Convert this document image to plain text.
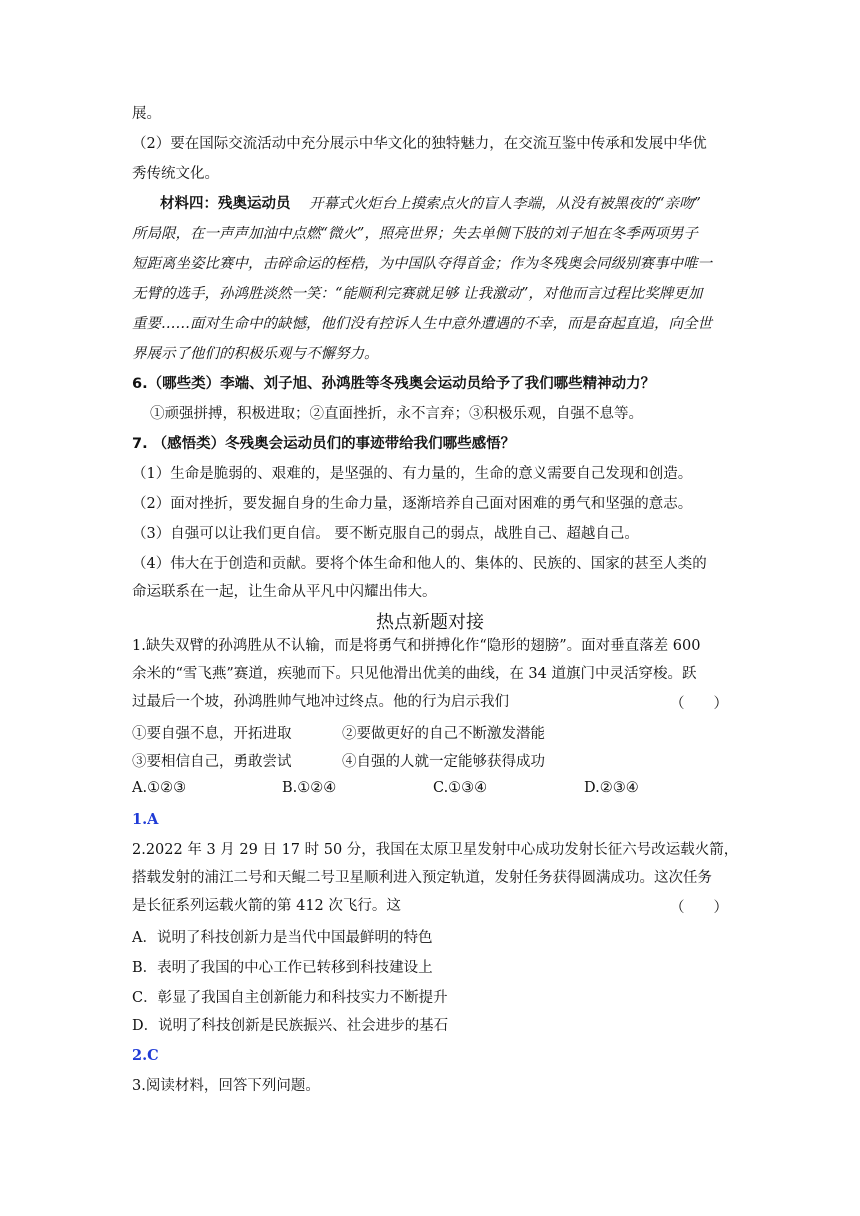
展。
（2）要在国际交流活动中充分展示中华文化的独特魅力，在交流互鉴中传承和发展中华优
秀传统文化。
材料四：残奥运动员 开幕式火炬台上摸索点火的盲人李端，从没有被黑夜的“亲吻”
所局限，在一声声加油中点燃“微火”，照亮世界；失去单侧下肢的刘子旭在冬季两项男子
短距离坐姿比赛中，击碎命运的桎梏，为中国队夺得首金；作为冬残奥会同级别赛事中唯一
无臂的选手，孙鸿胜淡然一笑：“能顺利完赛就足够 让我激动”，对他而言过程比奖牌更加
重要……面对生命中的缺憾，他们没有控诉人生中意外遭遇的不幸，而是奋起直追，向全世
界展示了他们的积极乐观与不懈努力。
6.（哪些类）李端、刘子旭、孙鸿胜等冬残奥会运动员给予了我们哪些精神动力？
①顽强拼搏，积极进取；②直面挫折，永不言弃；③积极乐观，自强不息等。
7. （感悟类）冬残奥会运动员们的事迹带给我们哪些感悟？
（1）生命是脆弱的、艰难的，是坚强的、有力量的，生命的意义需要自己发现和创造。
（2）面对挫折，要发掘自身的生命力量，逐渐培养自己面对困难的勇气和坚强的意志。
（3）自强可以让我们更自信。 要不断克服自己的弱点，战胜自己、超越自己。
（4）伟大在于创造和贡献。要将个体生命和他人的、集体的、民族的、国家的甚至人类的
命运联系在一起，让生命从平凡中闪耀出伟大。
热点新题对接
1.缺失双臂的孙鸿胜从不认输，而是将勇气和拼搏化作“隐形的翅膀”。面对垂直落差 600
余米的“雪飞燕”赛道，疾驰而下。只见他滑出优美的曲线，在 34 道旗门中灵活穿梭。跃
过最后一个坡，孙鸿胜帅气地冲过终点。他的行为启示我们	（　　）
①要自强不息，开拓进取	②要做更好的自己不断激发潜能
③要相信自己，勇敢尝试	④自强的人就一定能够获得成功
A.①②③	B.①②④	C.①③④	D.②③④
1.A
2.2022 年 3 月 29 日 17 时 50 分，我国在太原卫星发射中心成功发射长征六号改运载火箭，
搭载发射的浦江二号和天鲲二号卫星顺利进入预定轨道，发射任务获得圆满成功。这次任务
是长征系列运载火箭的第 412 次飞行。这	（　　）
A．说明了科技创新力是当代中国最鲜明的特色
B．表明了我国的中心工作已转移到科技建设上
C．彰显了我国自主创新能力和科技实力不断提升
D．说明了科技创新是民族振兴、社会进步的基石
2.C
3.阅读材料，回答下列问题。
